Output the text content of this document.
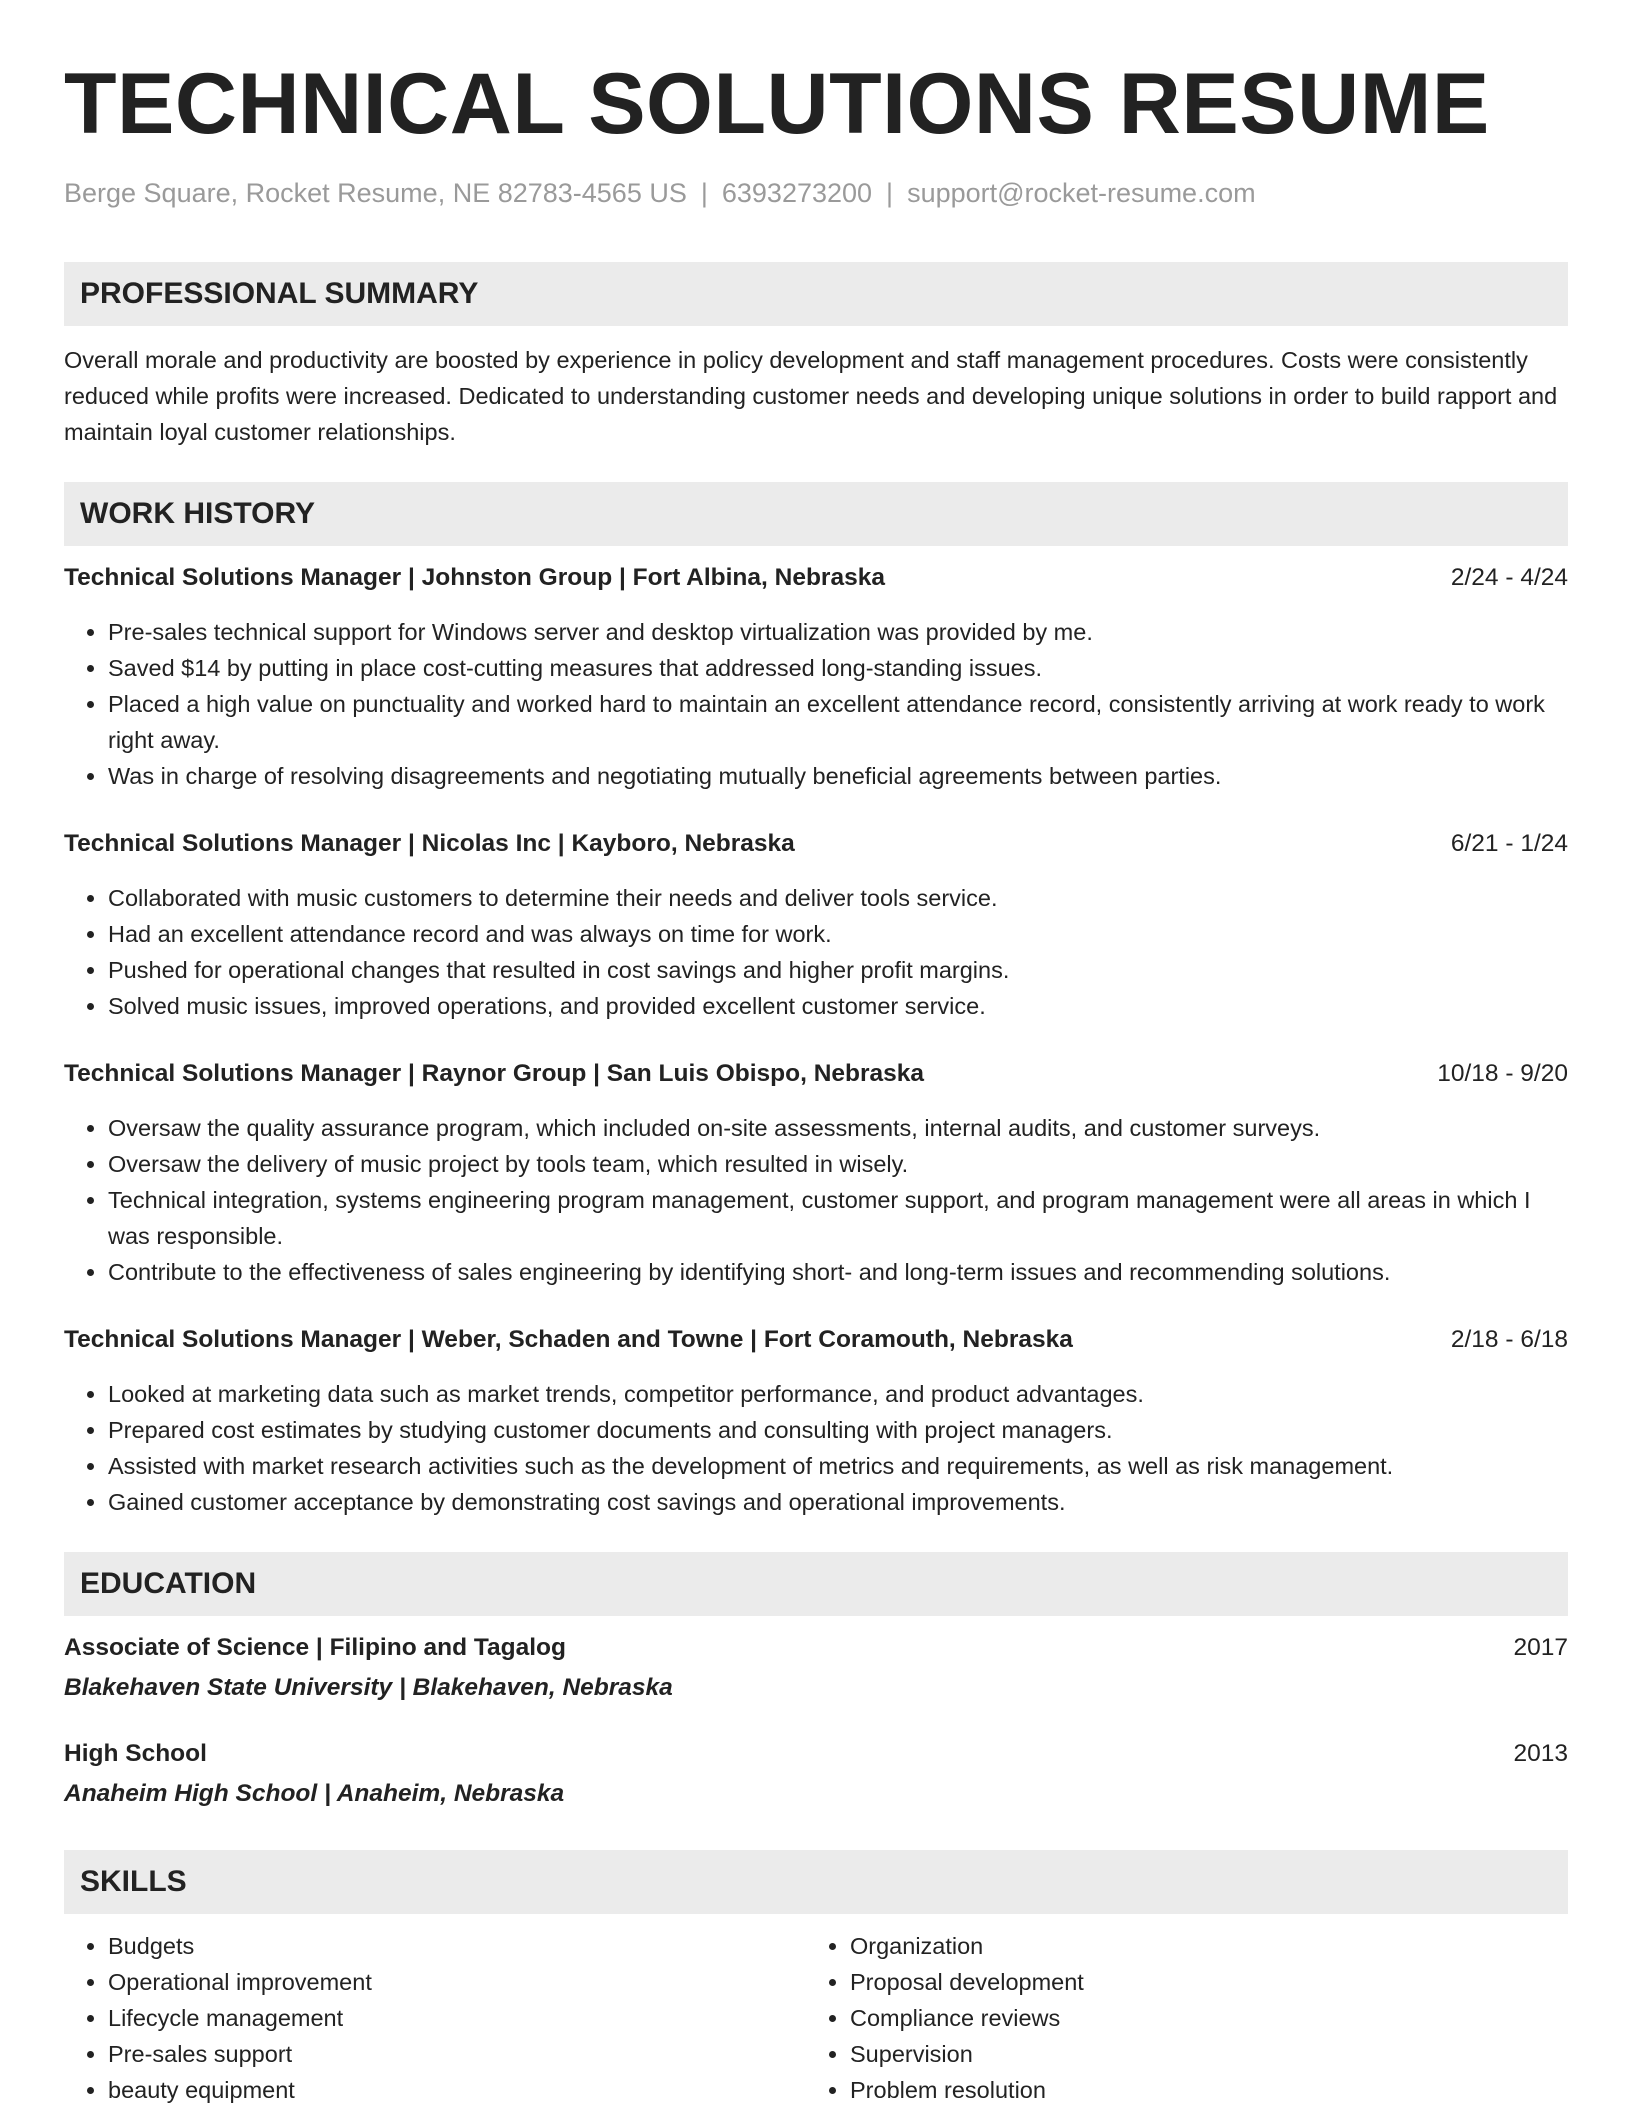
TECHNICAL SOLUTIONS RESUME
Berge Square, Rocket Resume, NE 82783-4565 US | 6393273200 | support@rocket-resume.com
PROFESSIONAL SUMMARY
Overall morale and productivity are boosted by experience in policy development and staff management procedures. Costs were consistently reduced while profits were increased. Dedicated to understanding customer needs and developing unique solutions in order to build rapport and maintain loyal customer relationships.
WORK HISTORY
Technical Solutions Manager | Johnston Group | Fort Albina, Nebraska	2/24 - 4/24
• Pre-sales technical support for Windows server and desktop virtualization was provided by me.
• Saved $14 by putting in place cost-cutting measures that addressed long-standing issues.
• Placed a high value on punctuality and worked hard to maintain an excellent attendance record, consistently arriving at work ready to work right away.
• Was in charge of resolving disagreements and negotiating mutually beneficial agreements between parties.
Technical Solutions Manager | Nicolas Inc | Kayboro, Nebraska	6/21 - 1/24
• Collaborated with music customers to determine their needs and deliver tools service.
• Had an excellent attendance record and was always on time for work.
• Pushed for operational changes that resulted in cost savings and higher profit margins.
• Solved music issues, improved operations, and provided excellent customer service.
Technical Solutions Manager | Raynor Group | San Luis Obispo, Nebraska	10/18 - 9/20
• Oversaw the quality assurance program, which included on-site assessments, internal audits, and customer surveys.
• Oversaw the delivery of music project by tools team, which resulted in wisely.
• Technical integration, systems engineering program management, customer support, and program management were all areas in which I was responsible.
• Contribute to the effectiveness of sales engineering by identifying short- and long-term issues and recommending solutions.
Technical Solutions Manager | Weber, Schaden and Towne | Fort Coramouth, Nebraska	2/18 - 6/18
• Looked at marketing data such as market trends, competitor performance, and product advantages.
• Prepared cost estimates by studying customer documents and consulting with project managers.
• Assisted with market research activities such as the development of metrics and requirements, as well as risk management.
• Gained customer acceptance by demonstrating cost savings and operational improvements.
EDUCATION
Associate of Science | Filipino and Tagalog	2017
Blakehaven State University | Blakehaven, Nebraska
High School	2013
Anaheim High School | Anaheim, Nebraska
SKILLS
• Budgets
• Operational improvement
• Lifecycle management
• Pre-sales support
• beauty equipment
• Organization
• Proposal development
• Compliance reviews
• Supervision
• Problem resolution
